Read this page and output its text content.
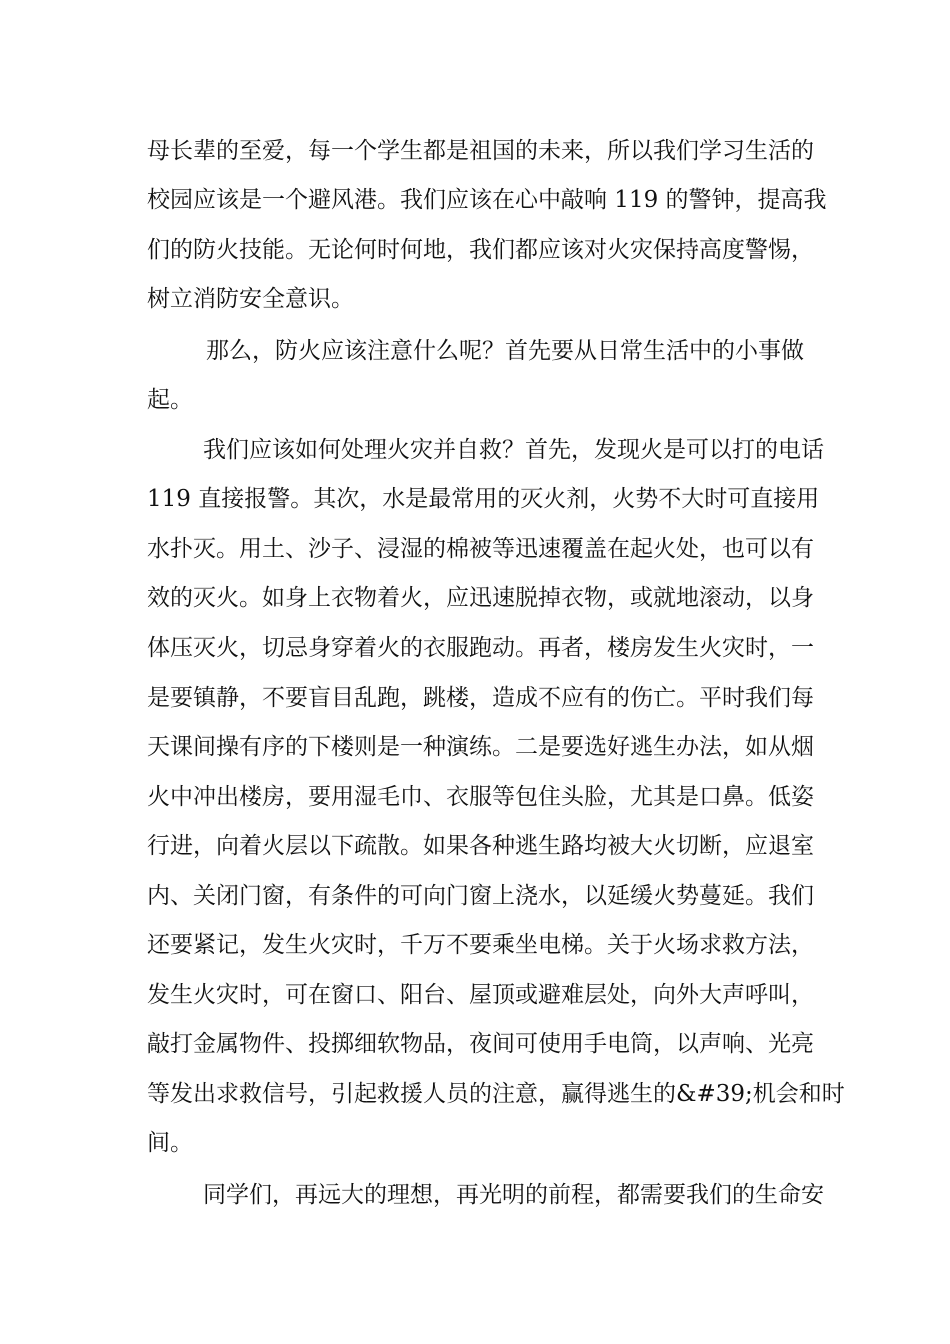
母长辈的至爱，每一个学生都是祖国的未来，所以我们学习生活的
校园应该是一个避风港。我们应该在心中敲响 119 的警钟，提高我
们的防火技能。无论何时何地，我们都应该对火灾保持高度警惕，
树立消防安全意识。
那么，防火应该注意什么呢？首先要从日常生活中的小事做
起。
我们应该如何处理火灾并自救？首先，发现火是可以打的电话
119 直接报警。其次，水是最常用的灭火剂，火势不大时可直接用
水扑灭。用土、沙子、浸湿的棉被等迅速覆盖在起火处，也可以有
效的灭火。如身上衣物着火，应迅速脱掉衣物，或就地滚动，以身
体压灭火，切忌身穿着火的衣服跑动。再者，楼房发生火灾时，一
是要镇静，不要盲目乱跑，跳楼，造成不应有的伤亡。平时我们每
天课间操有序的下楼则是一种演练。二是要选好逃生办法，如从烟
火中冲出楼房，要用湿毛巾、衣服等包住头脸，尤其是口鼻。低姿
行进，向着火层以下疏散。如果各种逃生路均被大火切断，应退室
内、关闭门窗，有条件的可向门窗上浇水，以延缓火势蔓延。我们
还要紧记，发生火灾时，千万不要乘坐电梯。关于火场求救方法，
发生火灾时，可在窗口、阳台、屋顶或避难层处，向外大声呼叫，
敲打金属物件、投掷细软物品，夜间可使用手电筒，以声响、光亮
等发出求救信号，引起救援人员的注意，赢得逃生的&#39;机会和时
间。
同学们，再远大的理想，再光明的前程，都需要我们的生命安
